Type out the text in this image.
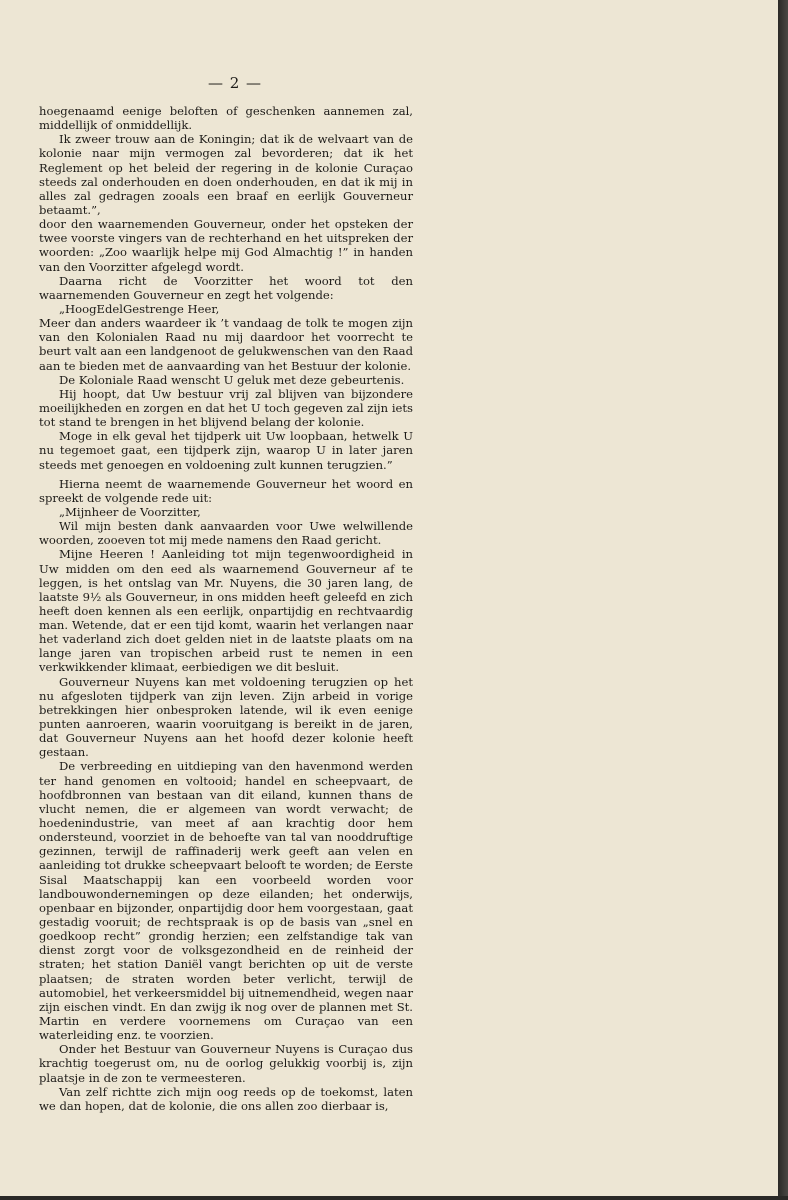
— 2 —

hoegenaamd eenige beloften of geschenken aannemen zal, middellijk of onmiddellijk.

Ik zweer trouw aan de Koningin; dat ik de welvaart van de kolonie naar mijn vermogen zal bevorderen; dat ik het Reglement op het beleid der regering in de kolonie Curaçao steeds zal onderhouden en doen onderhouden, en dat ik mij in alles zal gedragen zooals een braaf en eerlijk Gouverneur betaamt.”,

door den waarnemenden Gouverneur, onder het opsteken der twee voorste vingers van de rechterhand en het uitspreken der woorden: „Zoo waarlijk helpe mij God Almachtig !” in handen van den Voorzitter afgelegd wordt.

Daarna richt de Voorzitter het woord tot den waarnemenden Gouverneur en zegt het volgende:

„HoogEdelGestrenge Heer,

Meer dan anders waardeer ik ’t vandaag de tolk te mogen zijn van den Kolonialen Raad nu mij daardoor het voorrecht te beurt valt aan een landgenoot de gelukwenschen van den Raad aan te bieden met de aanvaarding van het Bestuur der kolonie.

De Koloniale Raad wenscht U geluk met deze gebeurtenis.

Hij hoopt, dat Uw bestuur vrij zal blijven van bijzondere moeilijkheden en zorgen en dat het U toch gegeven zal zijn iets tot stand te brengen in het blijvend belang der kolonie.

Moge in elk geval het tijdperk uit Uw loopbaan, hetwelk U nu tegemoet gaat, een tijdperk zijn, waarop U in later jaren steeds met genoegen en voldoening zult kunnen terugzien.”

Hierna neemt de waarnemende Gouverneur het woord en spreekt de volgende rede uit:

„Mijnheer de Voorzitter,

Wil mijn besten dank aanvaarden voor Uwe welwillende woorden, zooeven tot mij mede namens den Raad gericht.

Mijne Heeren ! Aanleiding tot mijn tegenwoordigheid in Uw midden om den eed als waarnemend Gouverneur af te leggen, is het ontslag van Mr. Nuyens, die 30 jaren lang, de laatste 9½ als Gouverneur, in ons midden heeft geleefd en zich heeft doen kennen als een eerlijk, onpartijdig en rechtvaardig man. Wetende, dat er een tijd komt, waarin het verlangen naar het vaderland zich doet gelden niet in de laatste plaats om na lange jaren van tropischen arbeid rust te nemen in een verkwikkender klimaat, eerbiedigen we dit besluit.

Gouverneur Nuyens kan met voldoening terugzien op het nu afgesloten tijdperk van zijn leven. Zijn arbeid in vorige betrekkingen hier onbesproken latende, wil ik even eenige punten aanroeren, waarin vooruitgang is bereikt in de jaren, dat Gouverneur Nuyens aan het hoofd dezer kolonie heeft gestaan.

De verbreeding en uitdieping van den havenmond werden ter hand genomen en voltooid; handel en scheepvaart, de hoofdbronnen van bestaan van dit eiland, kunnen thans de vlucht nemen, die er algemeen van wordt verwacht; de hoedenindustrie, van meet af aan krachtig door hem ondersteund, voorziet in de behoefte van tal van nooddruftige gezinnen, terwijl de raffinaderij werk geeft aan velen en aanleiding tot drukke scheepvaart belooft te worden; de Eerste Sisal Maatschappij kan een voorbeeld worden voor landbouwondernemingen op deze eilanden; het onderwijs, openbaar en bijzonder, onpartijdig door hem voorgestaan, gaat gestadig vooruit; de rechtspraak is op de basis van „snel en goedkoop recht” grondig herzien; een zelfstandige tak van dienst zorgt voor de volksgezondheid en de reinheid der straten; het station Daniël vangt berichten op uit de verste plaatsen; de straten worden beter verlicht, terwijl de automobiel, het verkeersmiddel bij uitnemendheid, wegen naar zijn eischen vindt. En dan zwijg ik nog over de plannen met St. Martin en verdere voornemens om Curaçao van een waterleiding enz. te voorzien.

Onder het Bestuur van Gouverneur Nuyens is Curaçao dus krachtig toegerust om, nu de oorlog gelukkig voorbij is, zijn plaatsje in de zon te vermeesteren.

Van zelf richtte zich mijn oog reeds op de toekomst, laten we dan hopen, dat de kolonie, die ons allen zoo dierbaar is,
